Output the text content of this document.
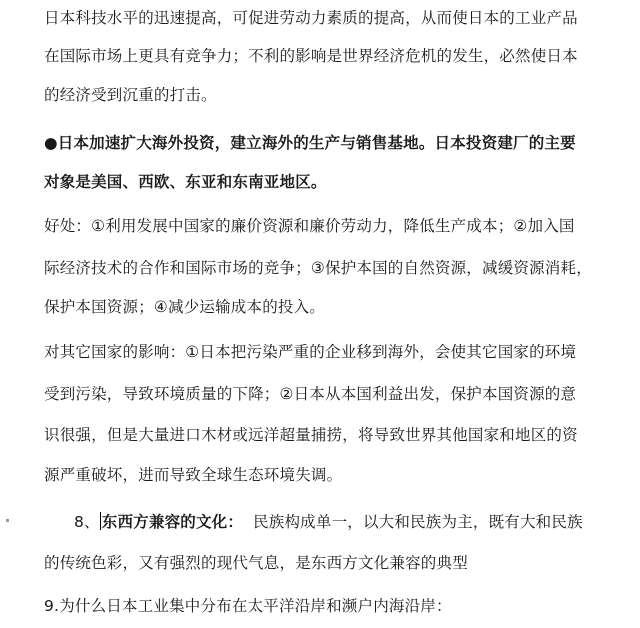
日本科技水平的迅速提高，可促进劳动力素质的提高，从而使日本的工业产品
在国际市场上更具有竞争力；不利的影响是世界经济危机的发生，必然使日本
的经济受到沉重的打击。
●日本加速扩大海外投资，建立海外的生产与销售基地。日本投资建厂的主要
对象是美国、西欧、东亚和东南亚地区。
好处：①利用发展中国家的廉价资源和廉价劳动力，降低生产成本；②加入国
际经济技术的合作和国际市场的竞争；③保护本国的自然资源，减缓资源消耗，
保护本国资源；④减少运输成本的投入。
对其它国家的影响：①日本把污染严重的企业移到海外，会使其它国家的环境
受到污染，导致环境质量的下降；②日本从本国利益出发，保护本国资源的意
识很强，但是大量进口木材或远洋超量捕捞，将导致世界其他国家和地区的资
源严重破坏，进而导致全球生态环境失调。
8、 东西方兼容的文化： 民族构成单一，以大和民族为主，既有大和民族
的传统色彩，又有强烈的现代气息，是东西方文化兼容的典型
9.为什么日本工业集中分布在太平洋沿岸和濒户内海沿岸：
